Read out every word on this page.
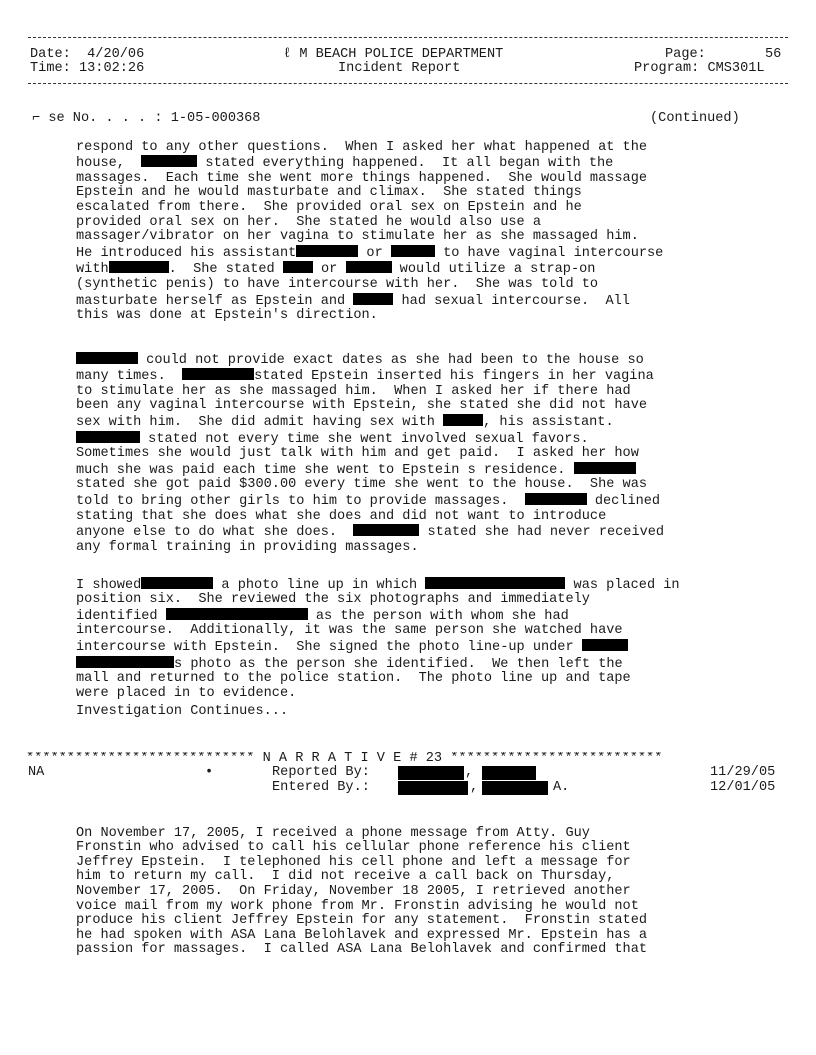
Date: 4/20/06
Time: 13:02:26
ℓ M BEACH POLICE DEPARTMENT
Incident Report
Page:	56
Program: CMS301L
⌐ se No. . . . : 1-05-000368	(Continued)

respond to any other questions.  When I asked her what happened at the
house,	stated everything happened.  It all began with the
massages.  Each time she went more things happened.  She would massage
Epstein and he would masturbate and climax.  She stated things
escalated from there.  She provided oral sex on Epstein and he
provided oral sex on her.  She stated he would also use a
massager/vibrator on her vagina to stimulate her as she massaged him.
He introduced his assistant	or	to have vaginal intercourse
with	.  She stated  or	would utilize a strap-on
(synthetic penis) to have intercourse with her.  She was told to
masturbate herself as Epstein and	had sexual intercourse.  All
this was done at Epstein's direction.

could not provide exact dates as she had been to the house so
many times.	stated Epstein inserted his fingers in her vagina
to stimulate her as she massaged him.  When I asked her if there had
been any vaginal intercourse with Epstein, she stated she did not have
sex with him.  She did admit having sex with	, his assistant.
stated not every time she went involved sexual favors.
Sometimes she would just talk with him and get paid.  I asked her how
much she was paid each time she went to Epstein s residence.
stated she got paid $300.00 every time she went to the house.  She was
told to bring other girls to him to provide massages.	declined
stating that she does what she does and did not want to introduce
anyone else to do what she does.	stated she had never received
any formal training in providing massages.

I showed	a photo line up in which	was placed in
position six.  She reviewed the six photographs and immediately
identified	as the person with whom she had
intercourse.  Additionally, it was the same person she watched have
intercourse with Epstein.  She signed the photo line-up under
s photo as the person she identified.  We then left the
mall and returned to the police station.  The photo line up and tape
were placed in to evidence.

Investigation Continues...
**************************** N A R R A T I V E # 23 **************************
NA	•	Reported By:	,	11/29/05
Entered By.:	,	A.	12/01/05

On November 17, 2005, I received a phone message from Atty. Guy
Fronstin who advised to call his cellular phone reference his client
Jeffrey Epstein.  I telephoned his cell phone and left a message for
him to return my call.  I did not receive a call back on Thursday,
November 17, 2005.  On Friday, November 18 2005, I retrieved another
voice mail from my work phone from Mr. Fronstin advising he would not
produce his client Jeffrey Epstein for any statement.  Fronstin stated
he had spoken with ASA Lana Belohlavek and expressed Mr. Epstein has a
passion for massages.  I called ASA Lana Belohlavek and confirmed that
